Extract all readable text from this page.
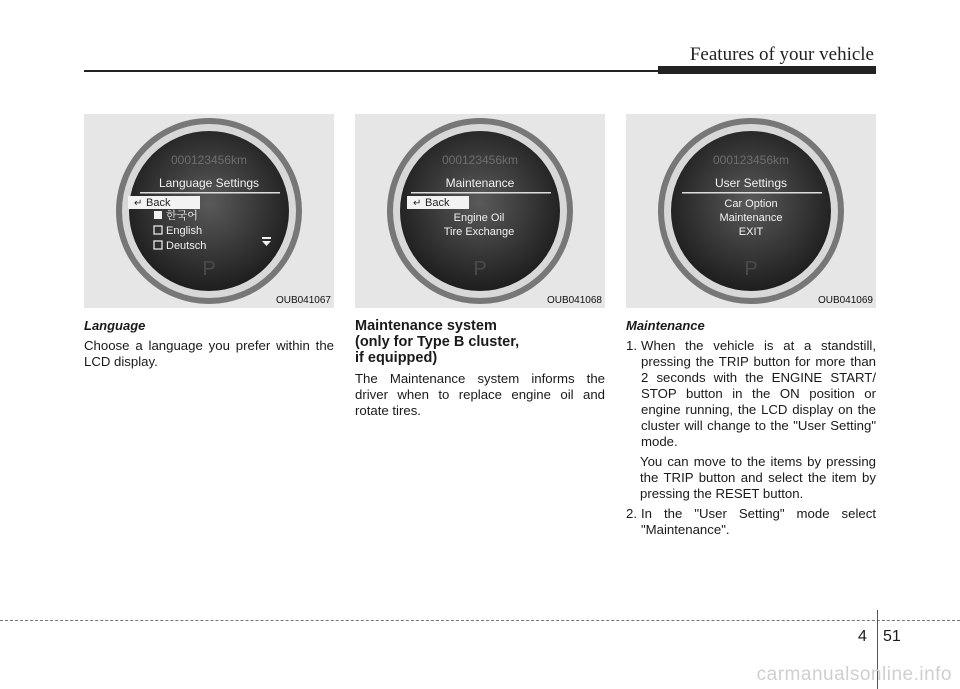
Features of your vehicle
000123456km
Language Settings
↵ Back
한국어
English
Deutsch
P
OUB041067
000123456km
Maintenance
↵ Back
Engine Oil
Tire Exchange
P
OUB041068
000123456km
User Settings
Car Option
Maintenance
EXIT
P
OUB041069
Language

Choose a language you prefer within the LCD display.

Maintenance system
(only for Type B cluster,
if equipped)

The Maintenance system informs the driver when to replace engine oil and rotate tires.

Maintenance
1. When the vehicle is at a standstill, pressing the TRIP button for more than 2 seconds with the ENGINE START/ STOP button in the ON position or engine running, the LCD display on the cluster will change to the "User Setting" mode.

You can move to the items by pressing the TRIP button and select the item by pressing the RESET button.

2. In the "User Setting" mode select "Maintenance".
4 51
carmanualsonline.info
